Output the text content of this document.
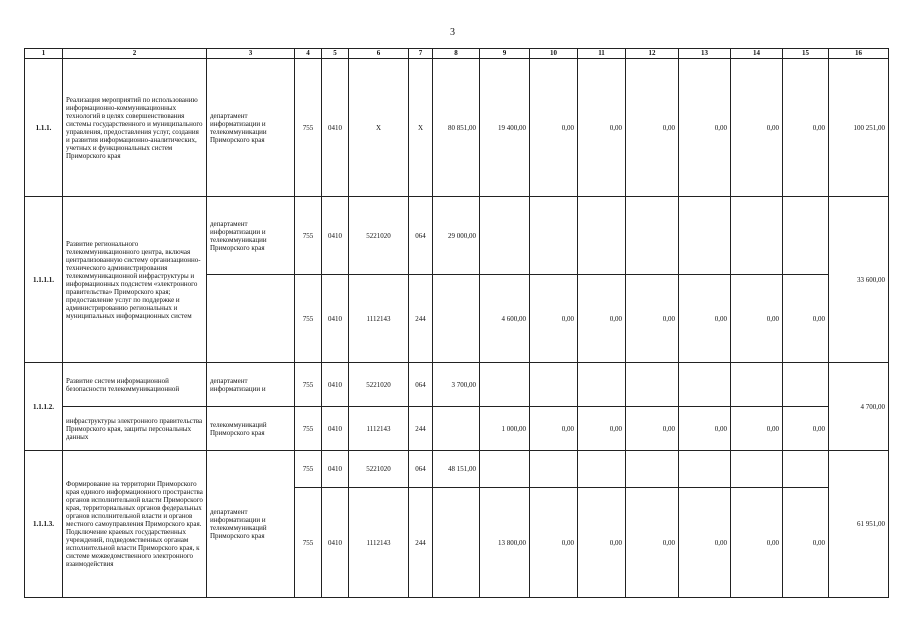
3
1	2	3	4	5	6	7	8	9	10	11	12	13	14	15	16
1.1.1.	Реализация мероприятий по использованию информационно-коммуникационных технологий в целях совершенствования системы государственного и муниципального управления, предоставления услуг, создания и развития информационно-аналитических, учетных и функциональных систем Приморского края	департамент информатизации и телекоммуникации Приморского края	755	0410	X	X	80 851,00	19 400,00	0,00	0,00	0,00	0,00	0,00	0,00	100 251,00
1.1.1.1.	Развитие регионального телекоммуникационного центра, включая централизованную систему организационно-технического администрирования телекоммуникационной инфраструктуры и информационных подсистем «электронного правительства» Приморского края; предоставление услуг по поддержке и администрированию региональных и муниципальных информационных систем	департамент информатизации и телекоммуникации Приморского края	755	0410	5221020	064	29 000,00								33 600,00
			755	0410	1112143	244		4 600,00	0,00	0,00	0,00	0,00	0,00	0,00	
1.1.1.2.	Развитие систем информационной безопасности телекоммуникационной	департамент информатизации и	755	0410	5221020	064	3 700,00								4 700,00
	инфраструктуры электронного правительства Приморского края, защиты персональных данных	телекоммуникаций Приморского края	755	0410	1112143	244		1 000,00	0,00	0,00	0,00	0,00	0,00	0,00	
1.1.1.3.	Формирование на территории Приморского края единого информационного пространства органов исполнительной власти Приморского края, территориальных органов федеральных органов исполнительной власти и органов местного самоуправления Приморского края. Подключение краевых государственных учреждений, подведомственных органам исполнительной власти Приморского края, к системе межведомственного электронного взаимодействия	департамент информатизации и телекоммуникаций Приморского края	755	0410	5221020	064	48 151,00								61 951,00
			755	0410	1112143	244		13 800,00	0,00	0,00	0,00	0,00	0,00	0,00	
